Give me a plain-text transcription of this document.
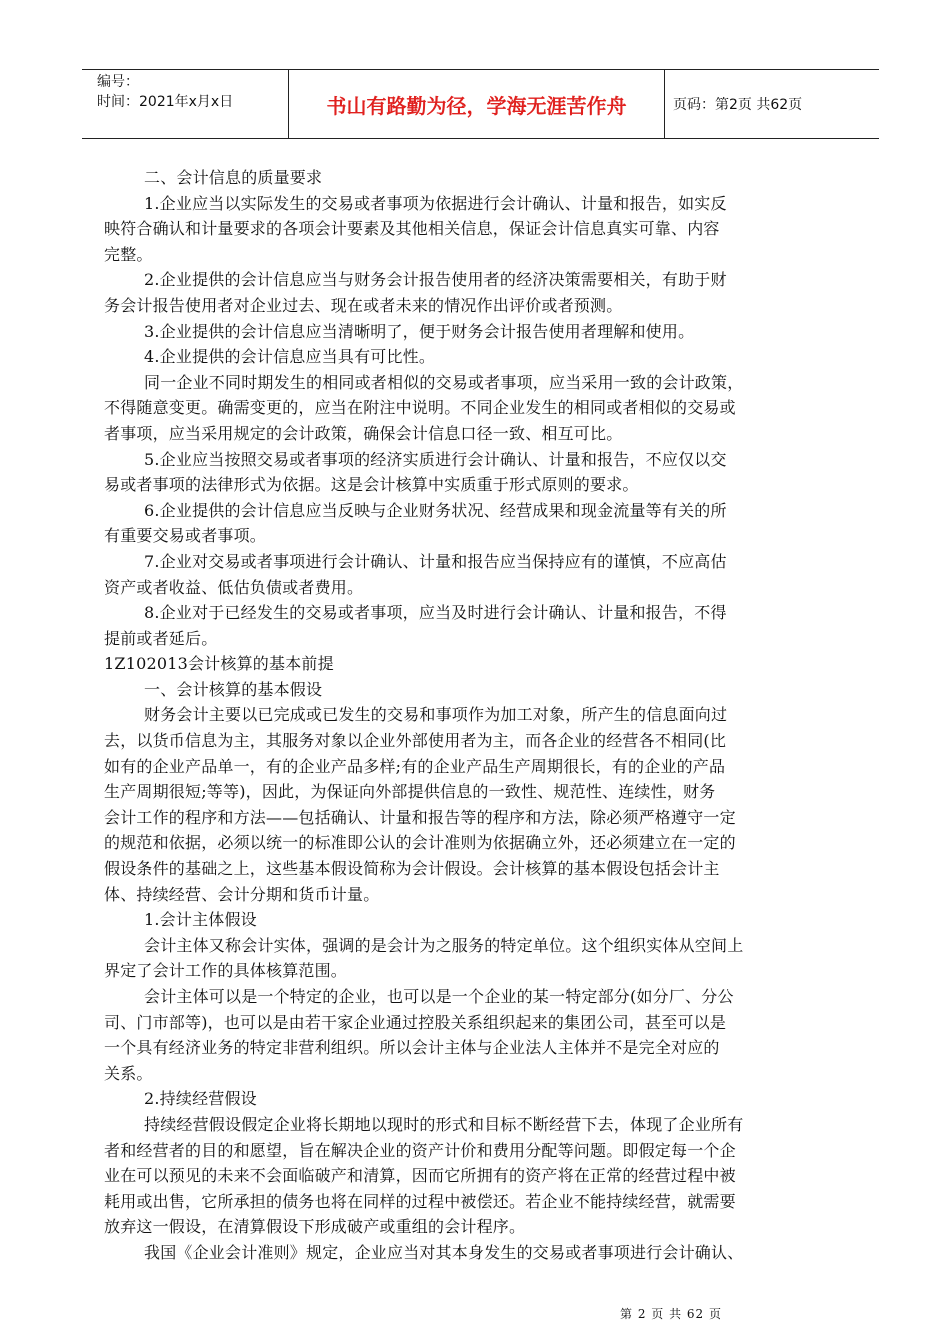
编号：
时间：2021年x月x日	书山有路勤为径，学海无涯苦作舟	页码：第2页 共62页
二、会计信息的质量要求
1.企业应当以实际发生的交易或者事项为依据进行会计确认、计量和报告，如实反
映符合确认和计量要求的各项会计要素及其他相关信息，保证会计信息真实可靠、内容
完整。
2.企业提供的会计信息应当与财务会计报告使用者的经济决策需要相关，有助于财
务会计报告使用者对企业过去、现在或者未来的情况作出评价或者预测。
3.企业提供的会计信息应当清晰明了，便于财务会计报告使用者理解和使用。
4.企业提供的会计信息应当具有可比性。
同一企业不同时期发生的相同或者相似的交易或者事项，应当采用一致的会计政策，
不得随意变更。确需变更的，应当在附注中说明。不同企业发生的相同或者相似的交易或
者事项，应当采用规定的会计政策，确保会计信息口径一致、相互可比。
5.企业应当按照交易或者事项的经济实质进行会计确认、计量和报告，不应仅以交
易或者事项的法律形式为依据。这是会计核算中实质重于形式原则的要求。
6.企业提供的会计信息应当反映与企业财务状况、经营成果和现金流量等有关的所
有重要交易或者事项。
7.企业对交易或者事项进行会计确认、计量和报告应当保持应有的谨慎，不应高估
资产或者收益、低估负债或者费用。
8.企业对于已经发生的交易或者事项，应当及时进行会计确认、计量和报告，不得
提前或者延后。
1Z102013会计核算的基本前提
一、会计核算的基本假设
财务会计主要以已完成或已发生的交易和事项作为加工对象，所产生的信息面向过
去，以货币信息为主，其服务对象以企业外部使用者为主，而各企业的经营各不相同(比
如有的企业产品单一，有的企业产品多样;有的企业产品生产周期很长，有的企业的产品
生产周期很短;等等)，因此，为保证向外部提供信息的一致性、规范性、连续性，财务
会计工作的程序和方法——包括确认、计量和报告等的程序和方法，除必须严格遵守一定
的规范和依据，必须以统一的标准即公认的会计准则为依据确立外，还必须建立在一定的
假设条件的基础之上，这些基本假设简称为会计假设。会计核算的基本假设包括会计主
体、持续经营、会计分期和货币计量。
1.会计主体假设
会计主体又称会计实体，强调的是会计为之服务的特定单位。这个组织实体从空间上
界定了会计工作的具体核算范围。
会计主体可以是一个特定的企业，也可以是一个企业的某一特定部分(如分厂、分公
司、门市部等)，也可以是由若干家企业通过控股关系组织起来的集团公司，甚至可以是
一个具有经济业务的特定非营利组织。所以会计主体与企业法人主体并不是完全对应的
关系。
2.持续经营假设
持续经营假设假定企业将长期地以现时的形式和目标不断经营下去，体现了企业所有
者和经营者的目的和愿望，旨在解决企业的资产计价和费用分配等问题。即假定每一个企
业在可以预见的未来不会面临破产和清算，因而它所拥有的资产将在正常的经营过程中被
耗用或出售，它所承担的债务也将在同样的过程中被偿还。若企业不能持续经营，就需要
放弃这一假设，在清算假设下形成破产或重组的会计程序。
我国《企业会计准则》规定，企业应当对其本身发生的交易或者事项进行会计确认、
第 2 页 共 62 页
